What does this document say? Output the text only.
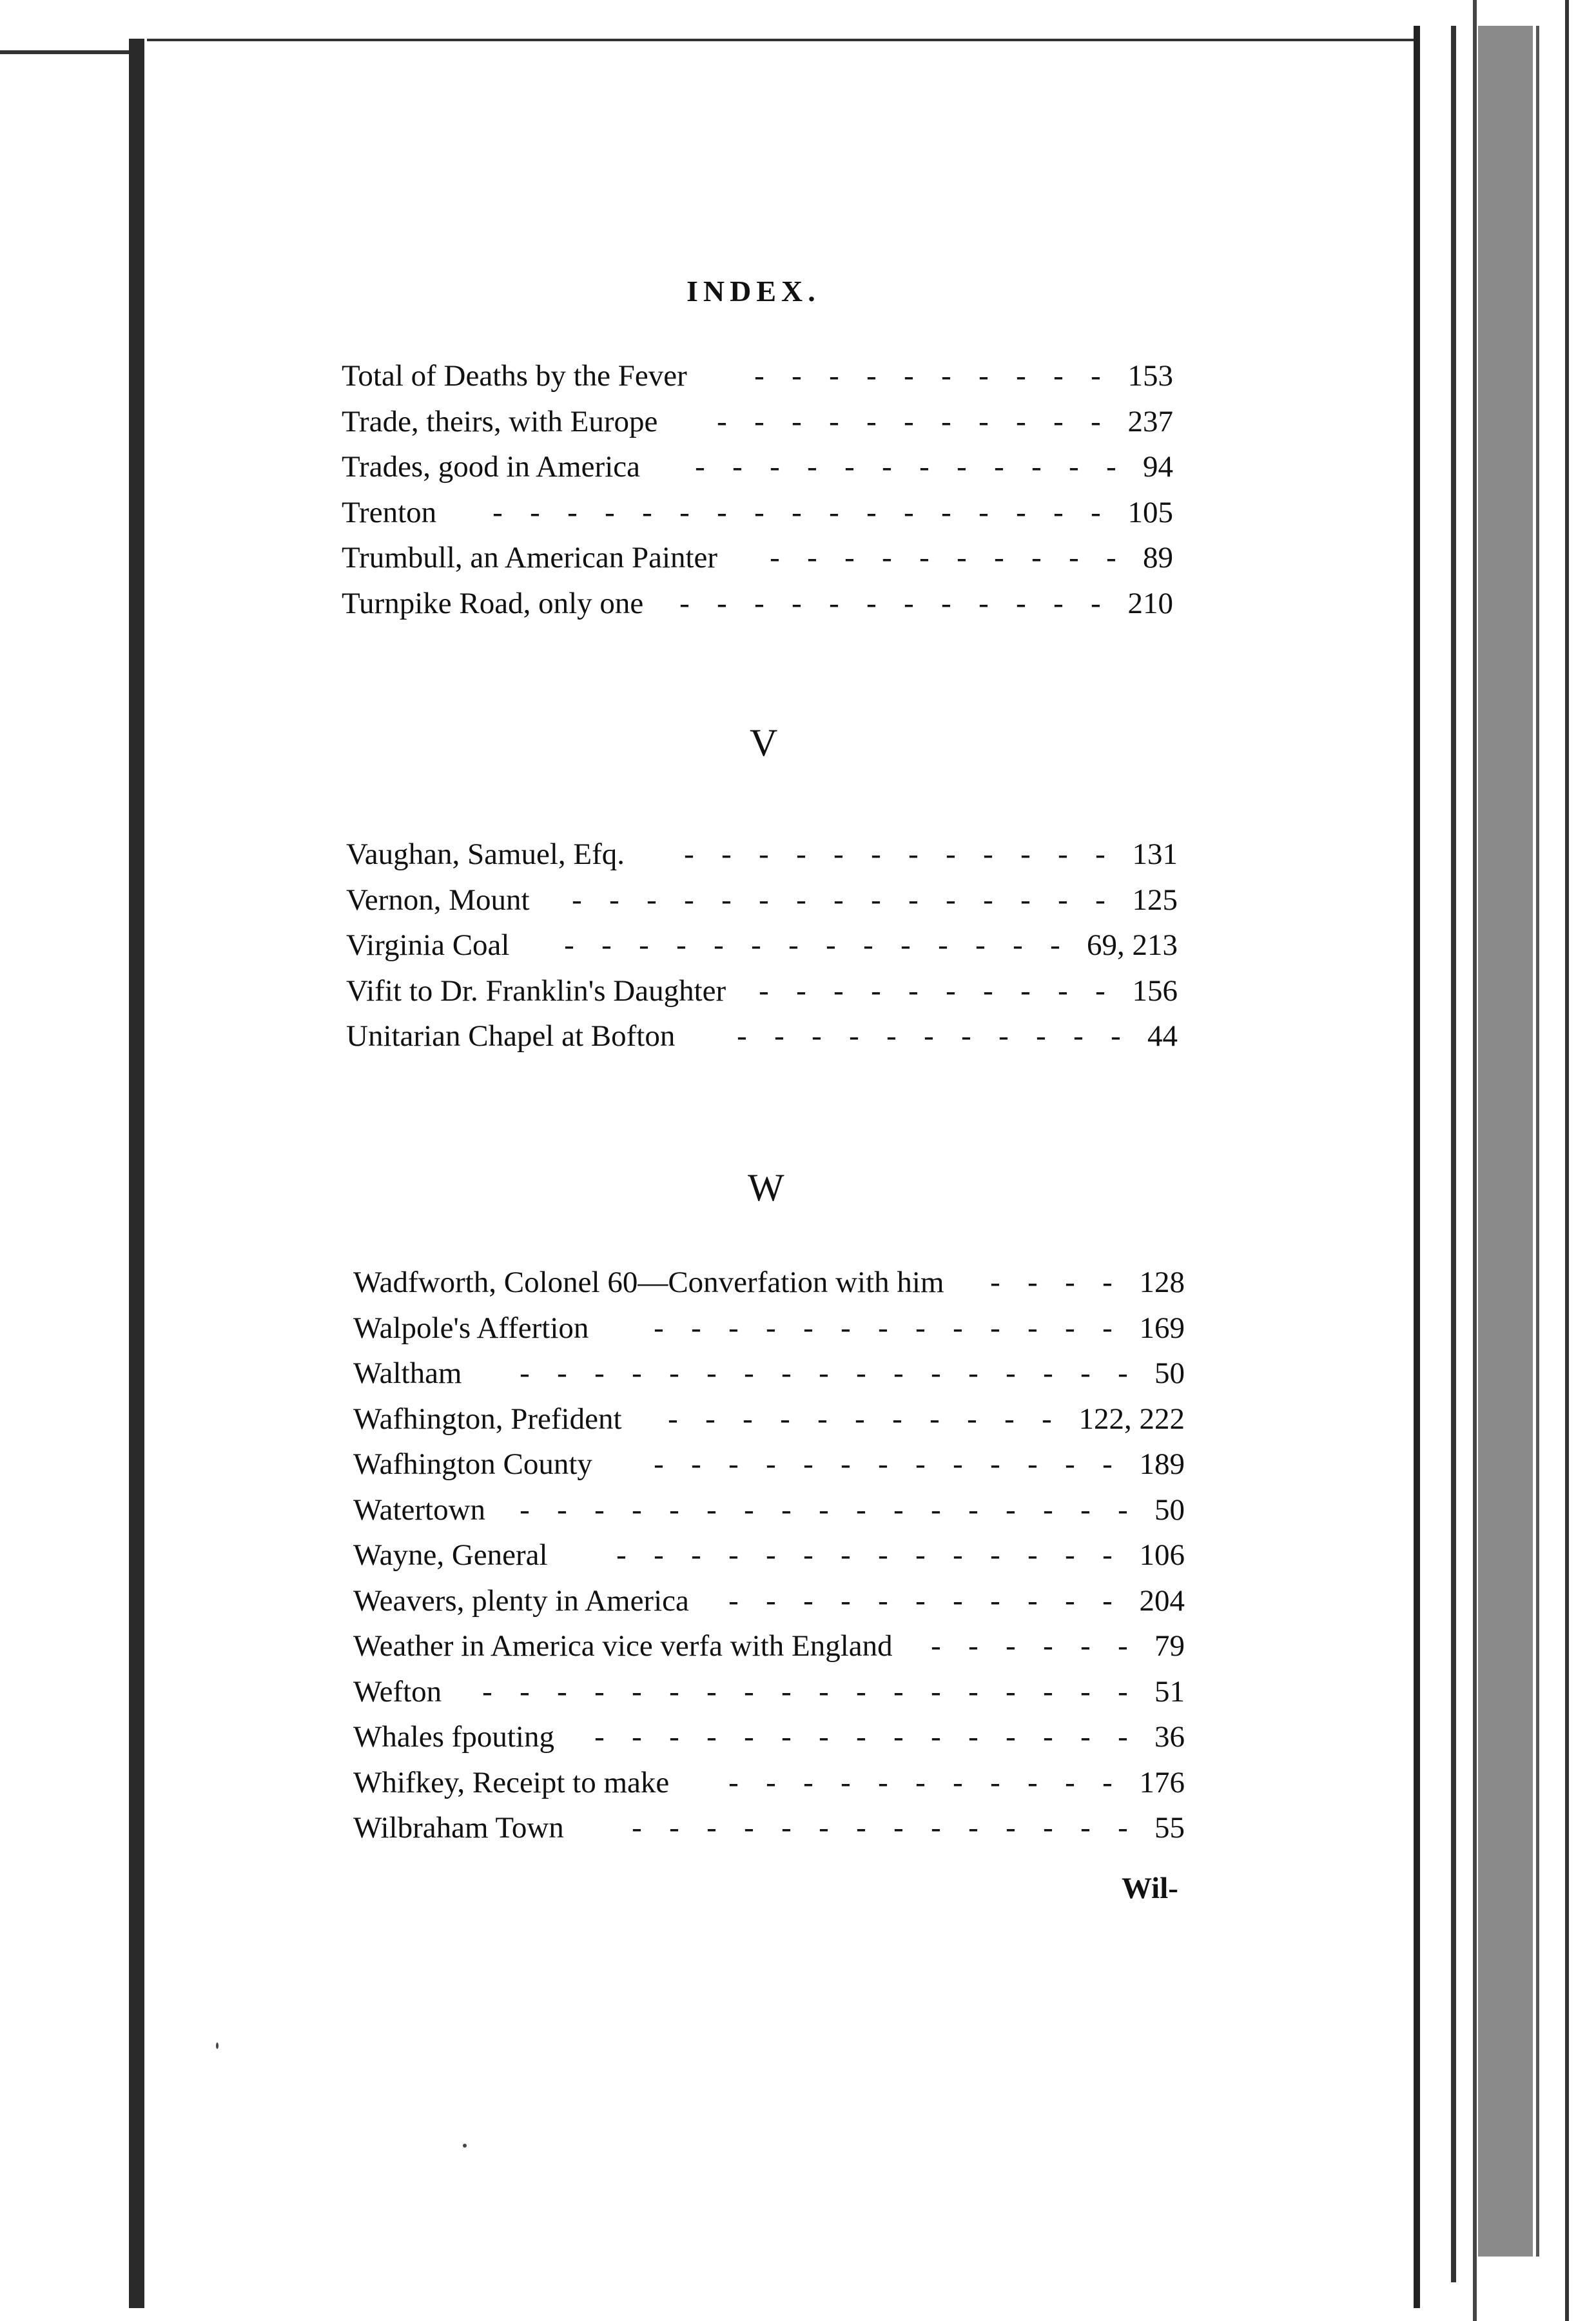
INDEX.
Total of Deaths by the Fever	- - - - - - - - - - 153
Trade, theirs, with Europe	- - - - - - - - - - - 237
Trades, good in America	- - - - - - - - - - - - 94
Trenton	- - - - - - - - - - - - - - - - - 105
Trumbull, an American Painter	- - - - - - - - - - 89
Turnpike Road, only one	- - - - - - - - - - - - 210
V
Vaughan, Samuel, Efq.	- - - - - - - - - - - - 131
Vernon, Mount	- - - - - - - - - - - - - - - 125
Virginia Coal	- - - - - - - - - - - - - - 69, 213
Vifit to Dr. Franklin's Daughter	- - - - - - - - - - 156
Unitarian Chapel at Bofton	- - - - - - - - - - - 44
W
Wadfworth, Colonel 60—Converfation with him	- - - - 128
Walpole's Affertion	- - - - - - - - - - - - - 169
Waltham	- - - - - - - - - - - - - - - - - 50
Wafhington, Prefident	- - - - - - - - - - - 122, 222
Wafhington County	- - - - - - - - - - - - - 189
Watertown	- - - - - - - - - - - - - - - - - 50
Wayne, General	- - - - - - - - - - - - - - 106
Weavers, plenty in America	- - - - - - - - - - - 204
Weather in America vice verfa with England	- - - - - - 79
Wefton	- - - - - - - - - - - - - - - - - - 51
Whales fpouting	- - - - - - - - - - - - - - - 36
Whifkey, Receipt to make	- - - - - - - - - - - 176
Wilbraham Town	- - - - - - - - - - - - - - 55
Wil-
